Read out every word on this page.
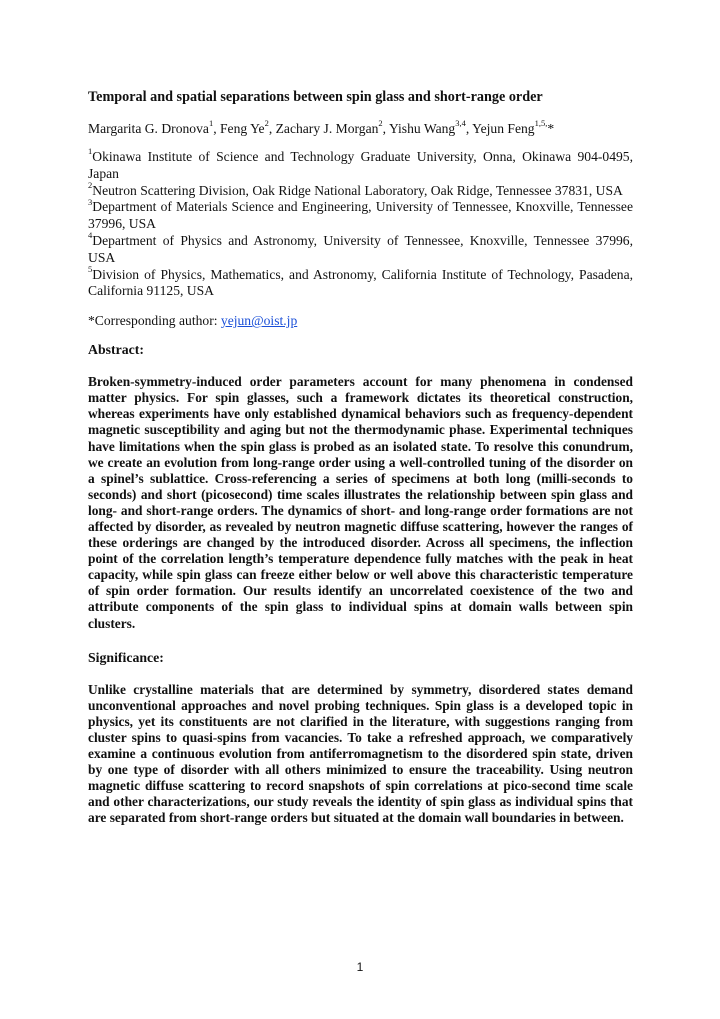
Temporal and spatial separations between spin glass and short-range order
Margarita G. Dronova$^1$, Feng Ye$^2$, Zachary J. Morgan$^2$, Yishu Wang$^{3,4}$, Yejun Feng$^{1,5,}$*
$^1$Okinawa Institute of Science and Technology Graduate University, Onna, Okinawa 904-0495, Japan
$^2$Neutron Scattering Division, Oak Ridge National Laboratory, Oak Ridge, Tennessee 37831, USA
$^3$Department of Materials Science and Engineering, University of Tennessee, Knoxville, Tennessee 37996, USA
$^4$Department of Physics and Astronomy, University of Tennessee, Knoxville, Tennessee 37996, USA
$^5$Division of Physics, Mathematics, and Astronomy, California Institute of Technology, Pasadena, California 91125, USA
*Corresponding author: yejun@oist.jp
Abstract:

Broken-symmetry-induced order parameters account for many phenomena in condensed matter physics. For spin glasses, such a framework dictates its theoretical construction, whereas experiments have only established dynamical behaviors such as frequency-dependent magnetic susceptibility and aging but not the thermodynamic phase. Experimental techniques have limitations when the spin glass is probed as an isolated state. To resolve this conundrum, we create an evolution from long-range order using a well-controlled tuning of the disorder on a spinel’s sublattice. Cross-referencing a series of specimens at both long (milli-seconds to seconds) and short (picosecond) time scales illustrates the relationship between spin glass and long- and short-range orders. The dynamics of short- and long-range order formations are not affected by disorder, as revealed by neutron magnetic diffuse scattering, however the ranges of these orderings are changed by the introduced disorder. Across all specimens, the inflection point of the correlation length’s temperature dependence fully matches with the peak in heat capacity, while spin glass can freeze either below or well above this characteristic temperature of spin order formation. Our results identify an uncorrelated coexistence of the two and attribute components of the spin glass to individual spins at domain walls between spin clusters.

Significance:

Unlike crystalline materials that are determined by symmetry, disordered states demand unconventional approaches and novel probing techniques. Spin glass is a developed topic in physics, yet its constituents are not clarified in the literature, with suggestions ranging from cluster spins to quasi-spins from vacancies. To take a refreshed approach, we comparatively examine a continuous evolution from antiferromagnetism to the disordered spin state, driven by one type of disorder with all others minimized to ensure the traceability. Using neutron magnetic diffuse scattering to record snapshots of spin correlations at pico-second time scale and other characterizations, our study reveals the identity of spin glass as individual spins that are separated from short-range orders but situated at the domain wall boundaries in between.

1
